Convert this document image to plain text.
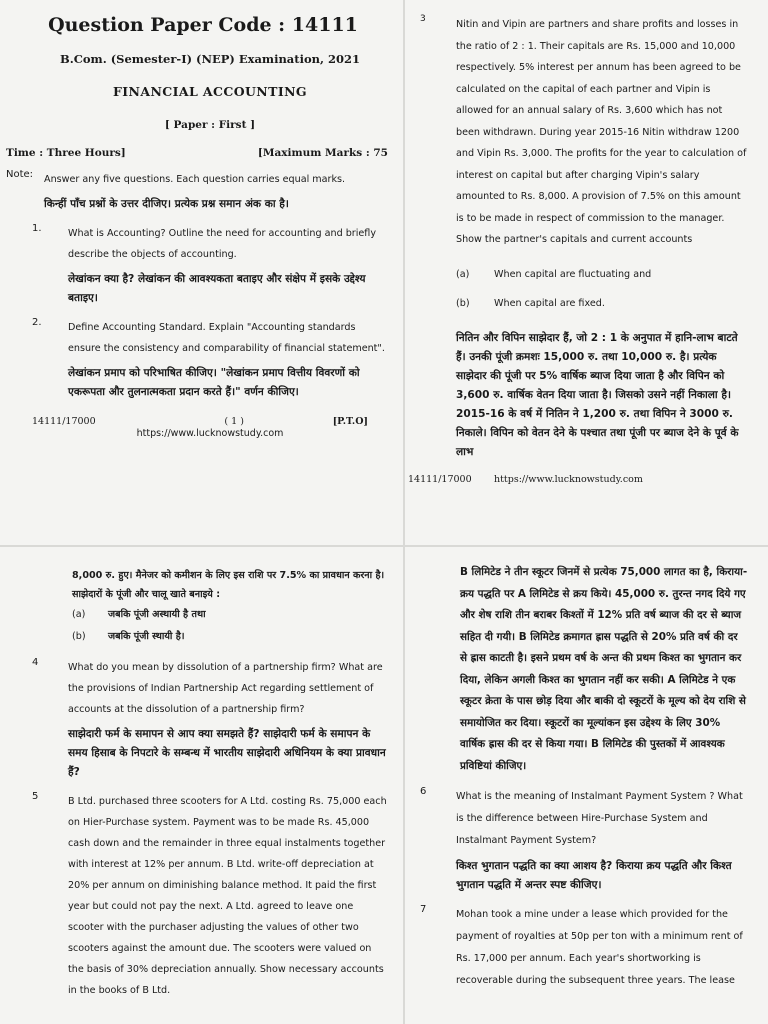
Question Paper Code : 14111
B.Com. (Semester-I) (NEP) Examination, 2021
FINANCIAL ACCOUNTING
[ Paper : First ]
Time : Three Hours]	[Maximum Marks : 75
Note:	Answer any five questions. Each question carries equal marks.
किन्हीं पाँच प्रश्नों के उत्तर दीजिए। प्रत्येक प्रश्न समान अंक का है।
1.	What is Accounting? Outline the need for accounting and briefly describe the objects of accounting.
लेखांकन क्या है? लेखांकन की आवश्यकता बताइए और संक्षेप में इसके उद्देश्य बताइए।
2.	Define Accounting Standard. Explain "Accounting standards ensure the consistency and comparability of financial statement".
लेखांकन प्रमाप को परिभाषित कीजिए। "लेखांकन प्रमाप वित्तीय विवरणों को एकरूपता और तुलनात्मकता प्रदान करते हैं।" वर्णन कीजिए।
14111/17000	( 1 )	[P.T.O]
https://www.lucknowstudy.com
3	Nitin and Vipin are partners and share profits and losses in the ratio of 2 : 1. Their capitals are Rs. 15,000 and 10,000 respectively. 5% interest per annum has been agreed to be calculated on the capital of each partner and Vipin is allowed for an annual salary of Rs. 3,600 which has not been withdrawn. During year 2015-16 Nitin withdraw 1200 and Vipin Rs. 3,000. The profits for the year to calculation of interest on capital but after charging Vipin's salary amounted to Rs. 8,000. A provision of 7.5% on this amount is to be made in respect of commission to the manager. Show the partner's capitals and current accounts
(a)	When capital are fluctuating and
(b)	When capital are fixed.
नितिन और विपिन साझेदार हैं, जो 2 : 1 के अनुपात में हानि-लाभ बाटते हैं। उनकी पूंजी क्रमशः 15,000 रु. तथा 10,000 रु. है। प्रत्येक साझेदार की पूंजी पर 5% वार्षिक ब्याज दिया जाता है और विपिन को 3,600 रु. वार्षिक वेतन दिया जाता है। जिसको उसने नहीं निकाला है। 2015-16 के वर्ष में नितिन ने 1,200 रु. तथा विपिन ने 3000 रु. निकाले। विपिन को वेतन देने के पश्चात तथा पूंजी पर ब्याज देने के पूर्व के लाभ
14111/17000	https://www.lucknowstudy.com
8,000 रु. हुए। मैनेजर को कमीशन के लिए इस राशि पर 7.5% का प्रावधान करना है। साझेदारों के पूंजी और चालू खाते बनाइये :
(a)	जबकि पूंजी अस्थायी है तथा
(b)	जबकि पूंजी स्थायी है।
4	What do you mean by dissolution of a partnership firm? What are the provisions of Indian Partnership Act regarding settlement of accounts at the dissolution of a partnership firm?
साझेदारी फर्म के समापन से आप क्या समझते हैं? साझेदारी फर्म के समापन के समय हिसाब के निपटारे के सम्बन्ध में भारतीय साझेदारी अधिनियम के क्या प्रावधान हैं?
5	B Ltd. purchased three scooters for A Ltd. costing Rs. 75,000 each on Hier-Purchase system. Payment was to be made Rs. 45,000 cash down and the remainder in three equal instalments together with interest at 12% per annum. B Ltd. write-off depreciation at 20% per annum on diminishing balance method. It paid the first year but could not pay the next. A Ltd. agreed to leave one scooter with the purchaser adjusting the values of other two scooters against the amount due. The scooters were valued on the basis of 30% depreciation annually. Show necessary accounts in the books of B Ltd.
B लिमिटेड ने तीन स्कूटर जिनमें से प्रत्येक 75,000 लागत का है, किराया-क्रय पद्धति पर A लिमिटेड से क्रय किये। 45,000 रु. तुरन्त नगद दिये गए और शेष राशि तीन बराबर किश्तों में 12% प्रति वर्ष ब्याज की दर से ब्याज सहित दी गयी। B लिमिटेड क्रमागत ह्रास पद्धति से 20% प्रति वर्ष की दर से ह्रास काटती है। इसने प्रथम वर्ष के अन्त की प्रथम किश्त का भुगतान कर दिया, लेकिन अगली किश्त का भुगतान नहीं कर सकी। A लिमिटेड ने एक स्कूटर क्रेता के पास छोड़ दिया और बाकी दो स्कूटरों के मूल्य को देय राशि से समायोजित कर दिया। स्कूटरों का मूल्यांकन इस उद्देश्य के लिए 30% वार्षिक ह्रास की दर से किया गया। B लिमिटेड की पुस्तकों में आवश्यक प्रविष्टियां कीजिए।
6	What is the meaning of Instalmant Payment System ? What is the difference between Hire-Purchase System and Instalmant Payment System?
किश्त भुगतान पद्धति का क्या आशय है? किराया क्रय पद्धति और किश्त भुगतान पद्धति में अन्तर स्पष्ट कीजिए।
7	Mohan took a mine under a lease which provided for the payment of royalties at 50p per ton with a minimum rent of Rs. 17,000 per annum. Each year's shortworking is recoverable during the subsequent three years. The lease
